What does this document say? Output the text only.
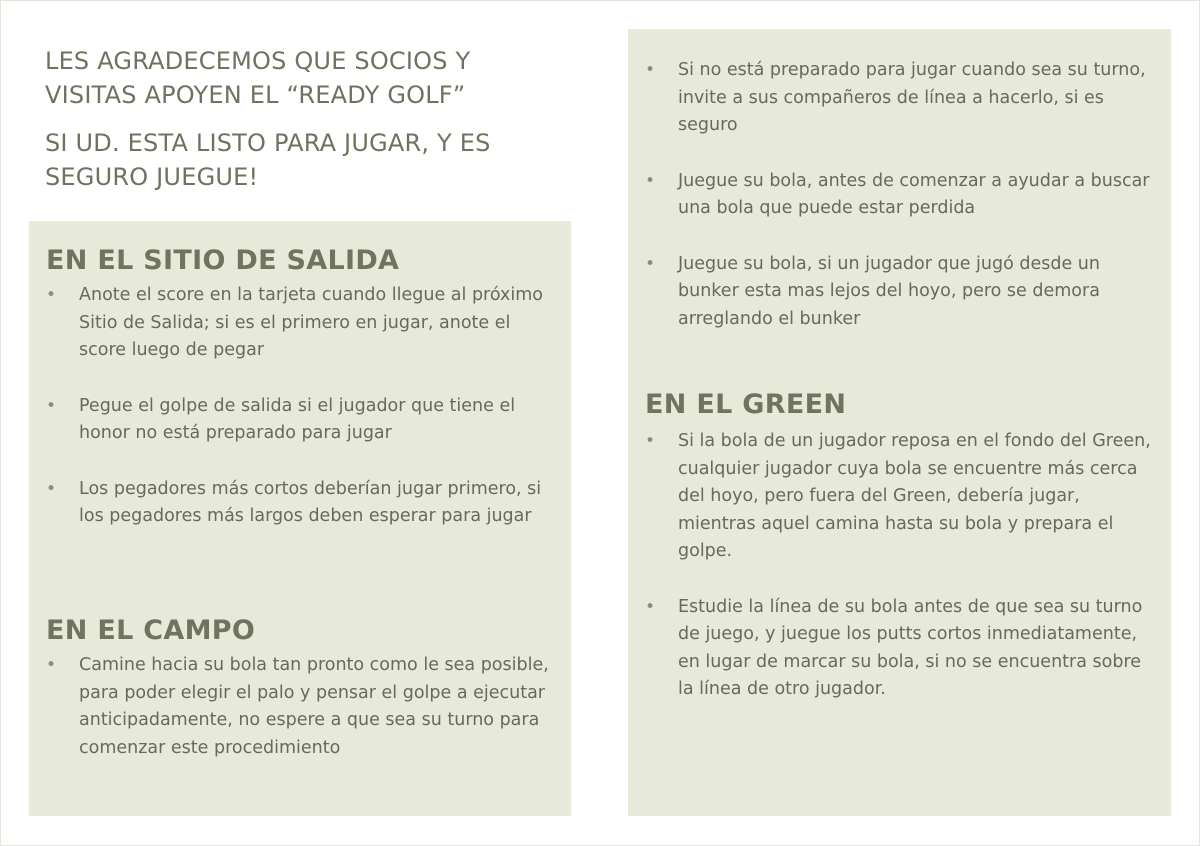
LES AGRADECEMOS QUE SOCIOS Y
VISITAS APOYEN EL “READY GOLF”

SI UD. ESTA LISTO PARA JUGAR, Y ES
SEGURO JUEGUE!

EN EL SITIO DE SALIDA
• Anote el score en la tarjeta cuando llegue al próximo Sitio de Salida; si es el primero en jugar, anote el score luego de pegar
• Pegue el golpe de salida si el jugador que tiene el honor no está preparado para jugar
• Los pegadores más cortos deberían jugar primero, si los pegadores más largos deben esperar para jugar
EN EL CAMPO
• Camine hacia su bola tan pronto como le sea posible, para poder elegir el palo y pensar el golpe a ejecutar anticipadamente, no espere a que sea su turno para comenzar este procedimiento
• Si no está preparado para jugar cuando sea su turno, invite a sus compañeros de línea a hacerlo, si es seguro
• Juegue su bola, antes de comenzar a ayudar a buscar una bola que puede estar perdida
• Juegue su bola, si un jugador que jugó desde un bunker esta mas lejos del hoyo, pero se demora arreglando el bunker
EN EL GREEN
• Si la bola de un jugador reposa en el fondo del Green, cualquier jugador cuya bola se encuentre más cerca del hoyo, pero fuera del Green, debería jugar, mientras aquel camina hasta su bola y prepara el golpe.
• Estudie la línea de su bola antes de que sea su turno de juego, y juegue los putts cortos inmediatamente, en lugar de marcar su bola, si no se encuentra sobre la línea de otro jugador.
